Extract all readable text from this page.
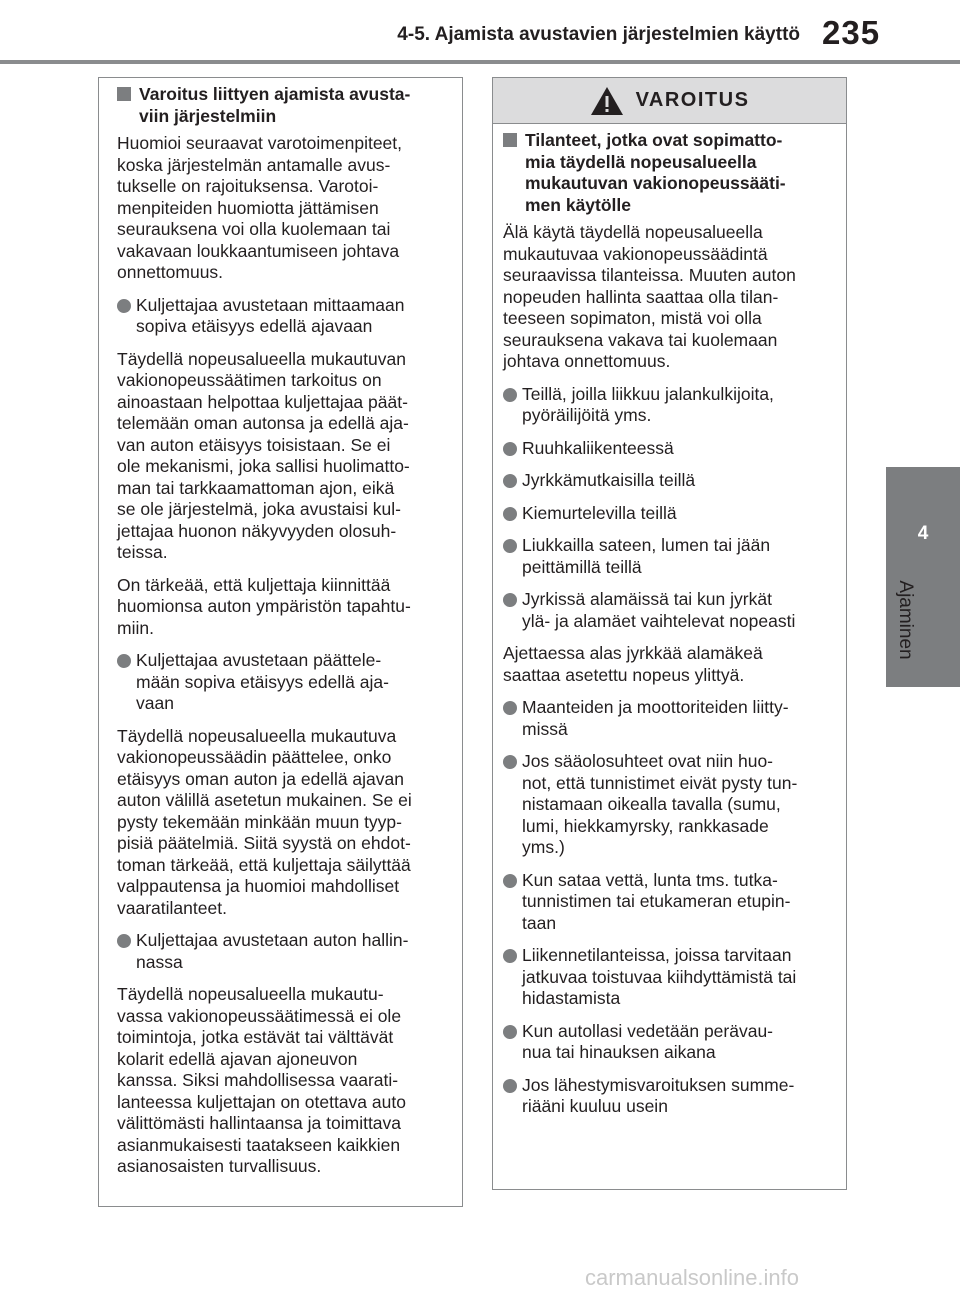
4-5. Ajamista avustavien järjestelmien käyttö 235
4
Ajaminen
Varoitus liittyen ajamista avusta-
viin järjestelmiin
Huomioi seuraavat varotoimenpiteet,
koska järjestelmän antamalle avus-
tukselle on rajoituksensa. Varotoi-
menpiteiden huomiotta jättämisen
seurauksena voi olla kuolemaan tai
vakavaan loukkaantumiseen johtava
onnettomuus.
Kuljettajaa avustetaan mittaamaan
sopiva etäisyys edellä ajavaan
Täydellä nopeusalueella mukautuvan
vakionopeussäätimen tarkoitus on
ainoastaan helpottaa kuljettajaa päät-
telemään oman autonsa ja edellä aja-
van auton etäisyys toisistaan. Se ei
ole mekanismi, joka sallisi huolimatto-
man tai tarkkaamattoman ajon, eikä
se ole järjestelmä, joka avustaisi kul-
jettajaa huonon näkyvyyden olosuh-
teissa.
On tärkeää, että kuljettaja kiinnittää
huomionsa auton ympäristön tapahtu-
miin.
Kuljettajaa avustetaan päättele-
mään sopiva etäisyys edellä aja-
vaan
Täydellä nopeusalueella mukautuva
vakionopeussäädin päättelee, onko
etäisyys oman auton ja edellä ajavan
auton välillä asetetun mukainen. Se ei
pysty tekemään minkään muun tyyp-
pisiä päätelmiä. Siitä syystä on ehdot-
toman tärkeää, että kuljettaja säilyttää
valppautensa ja huomioi mahdolliset
vaaratilanteet.
Kuljettajaa avustetaan auton hallin-
nassa
Täydellä nopeusalueella mukautu-
vassa vakionopeussäätimessä ei ole
toimintoja, jotka estävät tai välttävät
kolarit edellä ajavan ajoneuvon
kanssa. Siksi mahdollisessa vaarati-
lanteessa kuljettajan on otettava auto
välittömästi hallintaansa ja toimittava
asianmukaisesti taatakseen kaikkien
asianosaisten turvallisuus.
VAROITUS
Tilanteet, jotka ovat sopimatto-
mia täydellä nopeusalueella
mukautuvan vakionopeussääti-
men käytölle
Älä käytä täydellä nopeusalueella
mukautuvaa vakionopeussäädintä
seuraavissa tilanteissa. Muuten auton
nopeuden hallinta saattaa olla tilan-
teeseen sopimaton, mistä voi olla
seurauksena vakava tai kuolemaan
johtava onnettomuus.
Teillä, joilla liikkuu jalankulkijoita,
pyöräilijöitä yms.
Ruuhkaliikenteessä
Jyrkkämutkaisilla teillä
Kiemurtelevilla teillä
Liukkailla sateen, lumen tai jään
peittämillä teillä
Jyrkissä alamäissä tai kun jyrkät
ylä- ja alamäet vaihtelevat nopeasti
Ajettaessa alas jyrkkää alamäkeä
saattaa asetettu nopeus ylittyä.
Maanteiden ja moottoriteiden liitty-
missä
Jos sääolosuhteet ovat niin huo-
not, että tunnistimet eivät pysty tun-
nistamaan oikealla tavalla (sumu,
lumi, hiekkamyrsky, rankkasade
yms.)
Kun sataa vettä, lunta tms. tutka-
tunnistimen tai etukameran etupin-
taan
Liikennetilanteissa, joissa tarvitaan
jatkuvaa toistuvaa kiihdyttämistä tai
hidastamista
Kun autollasi vedetään perävau-
nua tai hinauksen aikana
Jos lähestymisvaroituksen summe-
riääni kuuluu usein
carmanualsonline.info
